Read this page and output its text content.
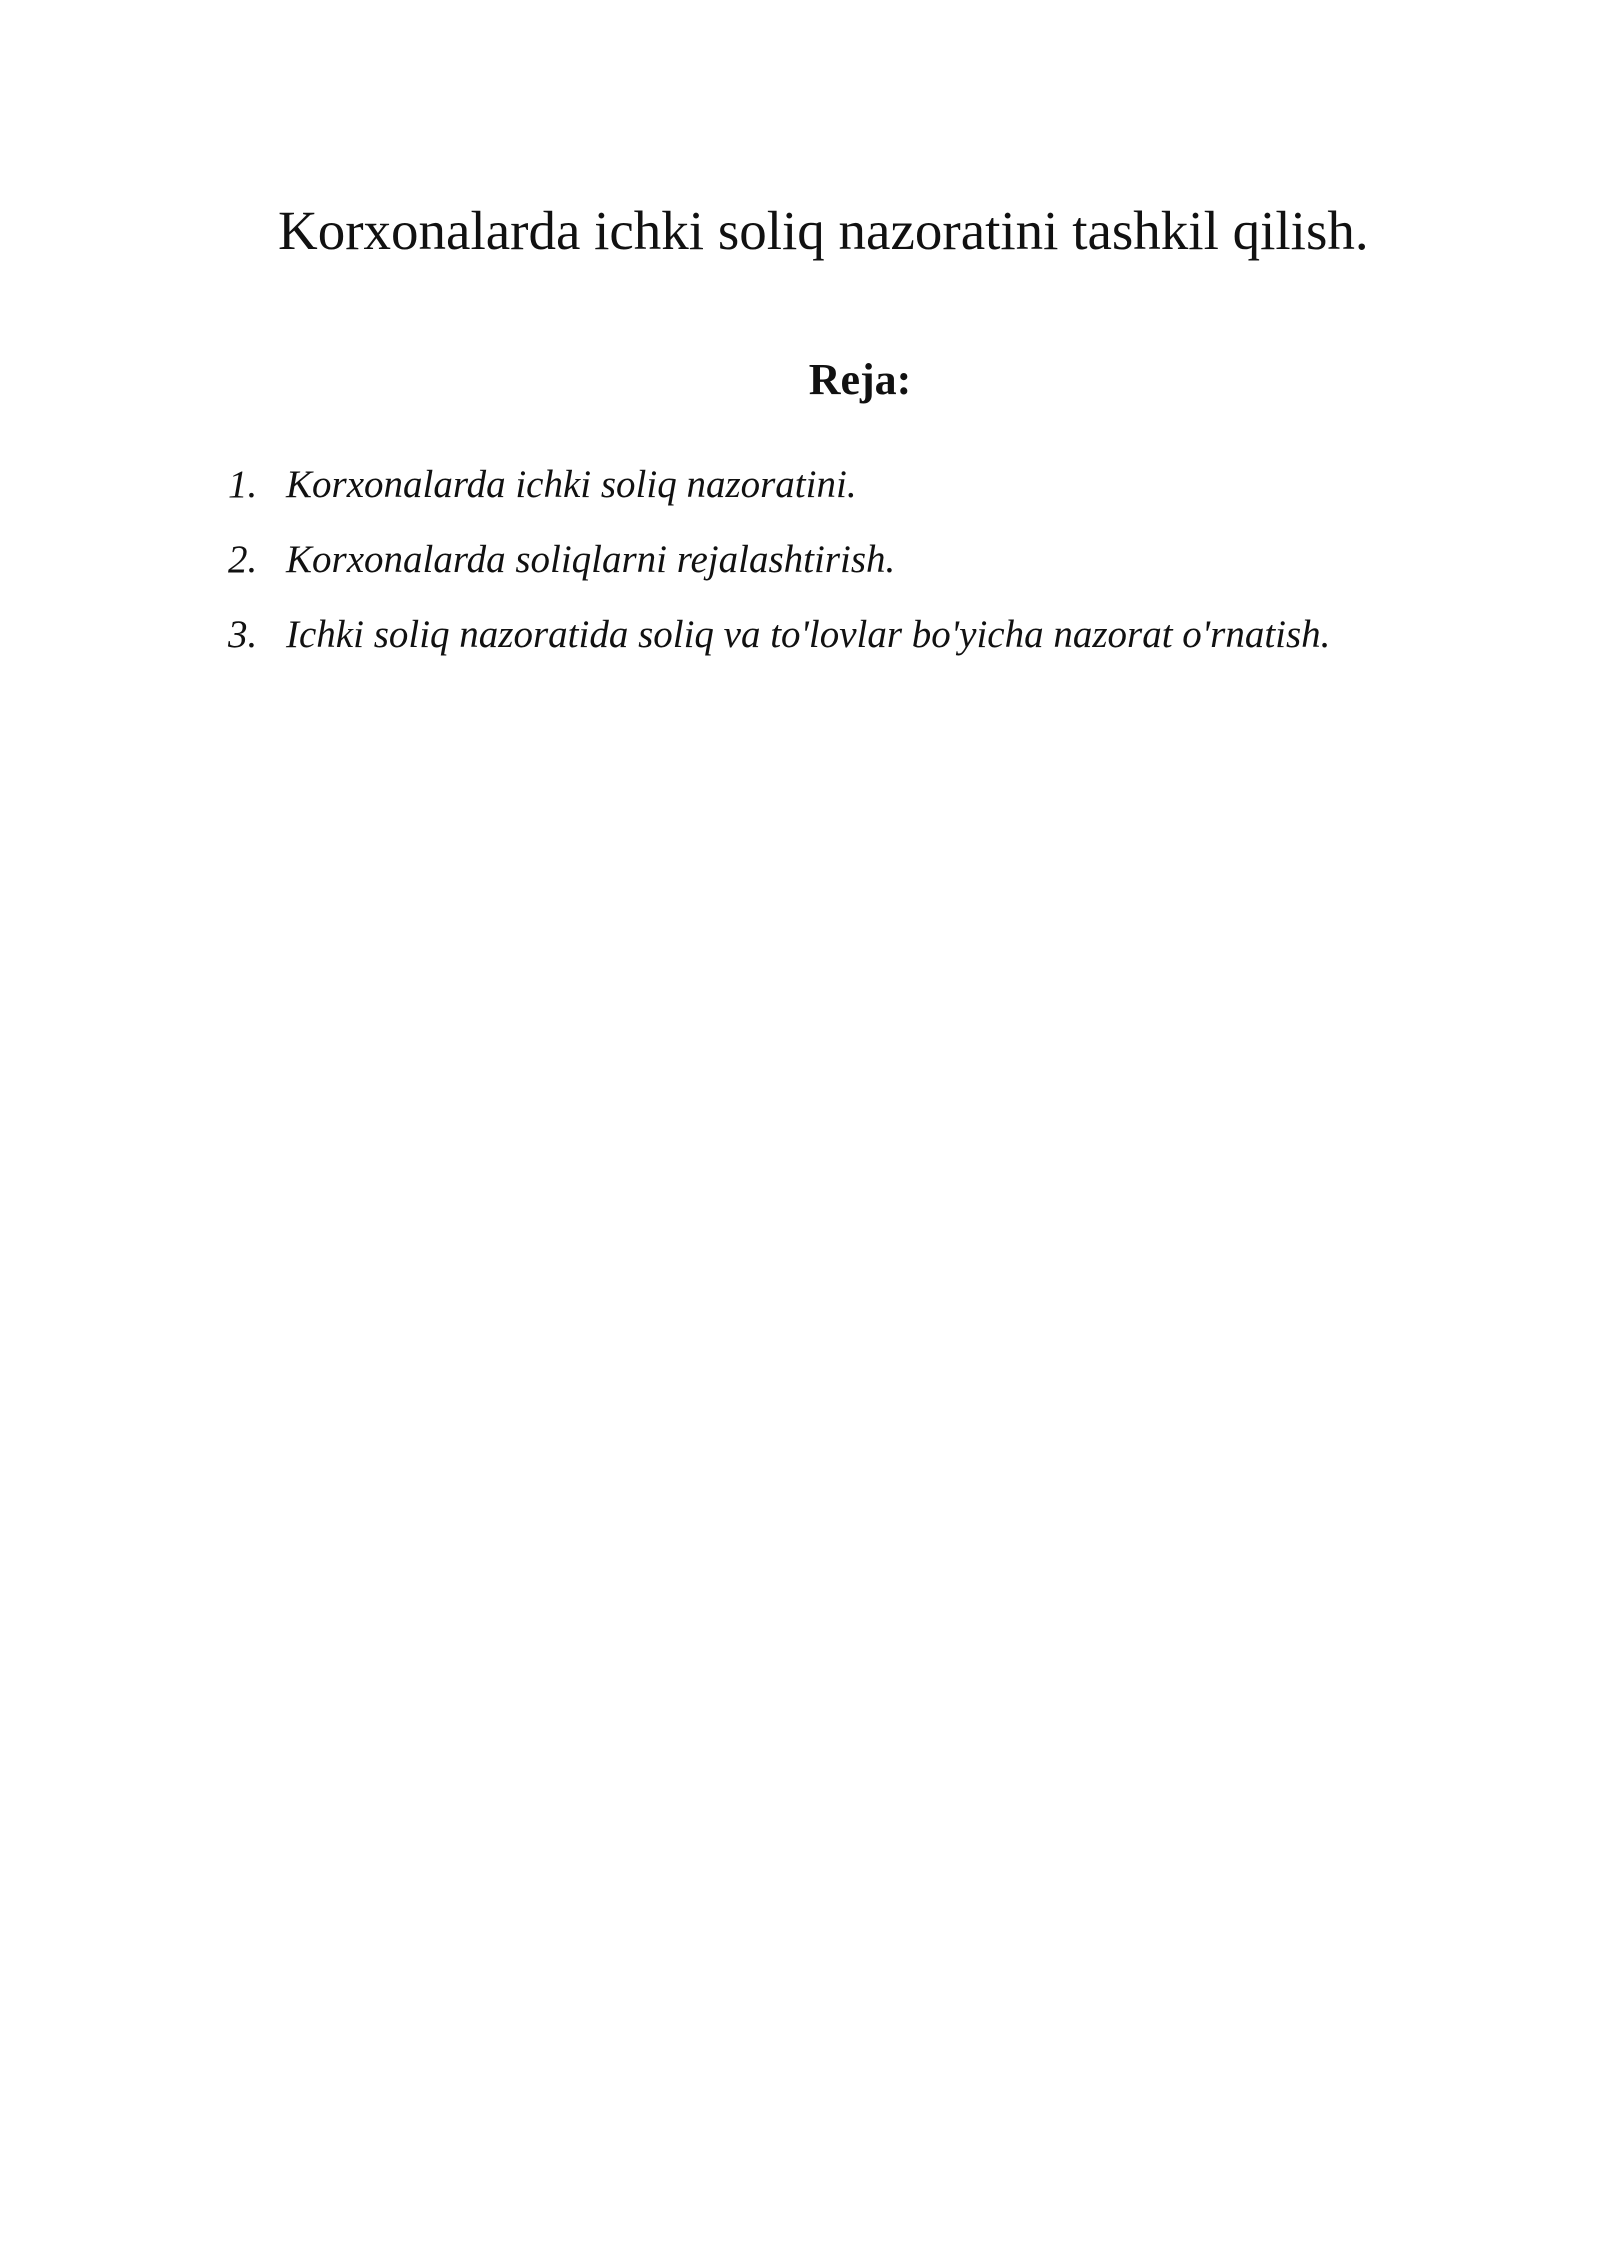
Korxonalarda ichki soliq nazoratini tashkil qilish.
Reja:
1. Korxonalarda ichki soliq nazoratini.
2. Korxonalarda soliqlarni rejalashtirish.
3. Ichki soliq nazoratida soliq va to'lovlar bo'yicha nazorat o'rnatish.
